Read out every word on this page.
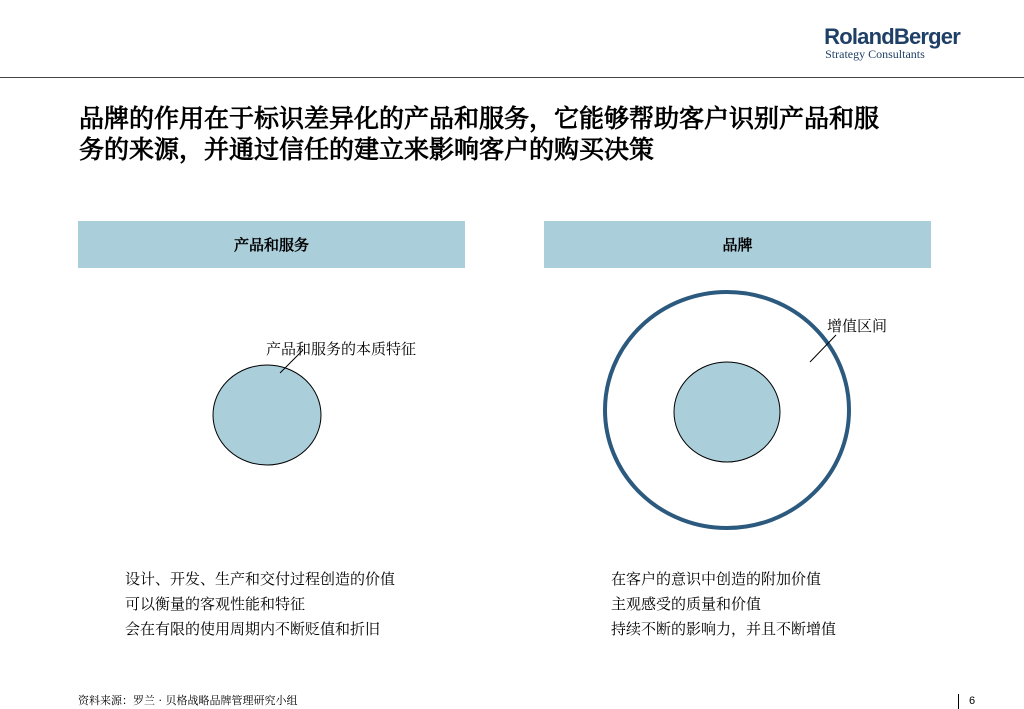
RolandBerger
Strategy Consultants
品牌的作用在于标识差异化的产品和服务，它能够帮助客户识别产品和服
务的来源，并通过信任的建立来影响客户的购买决策
产品和服务	品牌
产品和服务的本质特征
增值区间
设计、开发、生产和交付过程创造的价值
可以衡量的客观性能和特征
会在有限的使用周期内不断贬值和折旧
在客户的意识中创造的附加价值
主观感受的质量和价值
持续不断的影响力，并且不断增值
资料来源：罗兰 · 贝格战略品牌管理研究小组	6
